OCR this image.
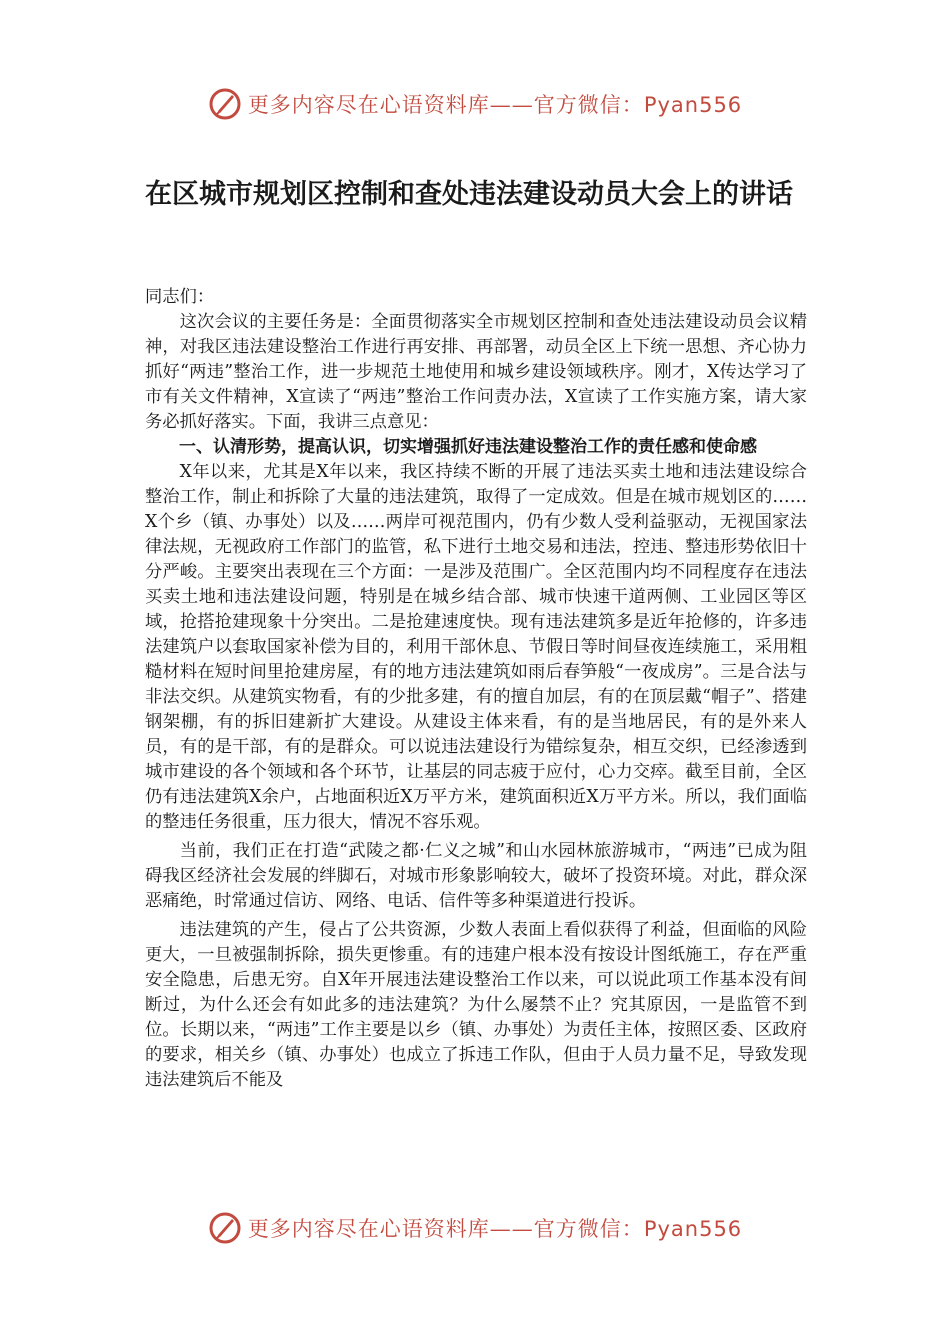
更多内容尽在心语资料库——官方微信：Pyan556
在区城市规划区控制和查处违法建设动员大会上的讲话

同志们：

这次会议的主要任务是：全面贯彻落实全市规划区控制和查处违法建设动员会议精神，对我区违法建设整治工作进行再安排、再部署，动员全区上下统一思想、齐心协力抓好“两违”整治工作，进一步规范土地使用和城乡建设领域秩序。刚才，X传达学习了市有关文件精神，X宣读了“两违”整治工作问责办法，X宣读了工作实施方案，请大家务必抓好落实。下面，我讲三点意见：

一、认清形势，提高认识，切实增强抓好违法建设整治工作的责任感和使命感

X年以来，尤其是X年以来，我区持续不断的开展了违法买卖土地和违法建设综合整治工作，制止和拆除了大量的违法建筑，取得了一定成效。但是在城市规划区的……X个乡（镇、办事处）以及……两岸可视范围内，仍有少数人受利益驱动，无视国家法律法规，无视政府工作部门的监管，私下进行土地交易和违法，控违、整违形势依旧十分严峻。主要突出表现在三个方面：一是涉及范围广。全区范围内均不同程度存在违法买卖土地和违法建设问题，特别是在城乡结合部、城市快速干道两侧、工业园区等区域，抢搭抢建现象十分突出。二是抢建速度快。现有违法建筑多是近年抢修的，许多违法建筑户以套取国家补偿为目的，利用干部休息、节假日等时间昼夜连续施工，采用粗糙材料在短时间里抢建房屋，有的地方违法建筑如雨后春笋般“一夜成房”。三是合法与非法交织。从建筑实物看，有的少批多建，有的擅自加层，有的在顶层戴“帽子”、搭建钢架棚，有的拆旧建新扩大建设。从建设主体来看，有的是当地居民，有的是外来人员，有的是干部，有的是群众。可以说违法建设行为错综复杂，相互交织，已经渗透到城市建设的各个领域和各个环节，让基层的同志疲于应付，心力交瘁。截至目前，全区仍有违法建筑X余户，占地面积近X万平方米，建筑面积近X万平方米。所以，我们面临的整违任务很重，压力很大，情况不容乐观。

当前，我们正在打造“武陵之都·仁义之城”和山水园林旅游城市，“两违”已成为阻碍我区经济社会发展的绊脚石，对城市形象影响较大，破坏了投资环境。对此，群众深恶痛绝，时常通过信访、网络、电话、信件等多种渠道进行投诉。

违法建筑的产生，侵占了公共资源，少数人表面上看似获得了利益，但面临的风险更大，一旦被强制拆除，损失更惨重。有的违建户根本没有按设计图纸施工，存在严重安全隐患，后患无穷。自X年开展违法建设整治工作以来，可以说此项工作基本没有间断过，为什么还会有如此多的违法建筑？为什么屡禁不止？究其原因，一是监管不到位。长期以来，“两违”工作主要是以乡（镇、办事处）为责任主体，按照区委、区政府的要求，相关乡（镇、办事处）也成立了拆违工作队，但由于人员力量不足，导致发现违法建筑后不能及

更多内容尽在心语资料库——官方微信：Pyan556
